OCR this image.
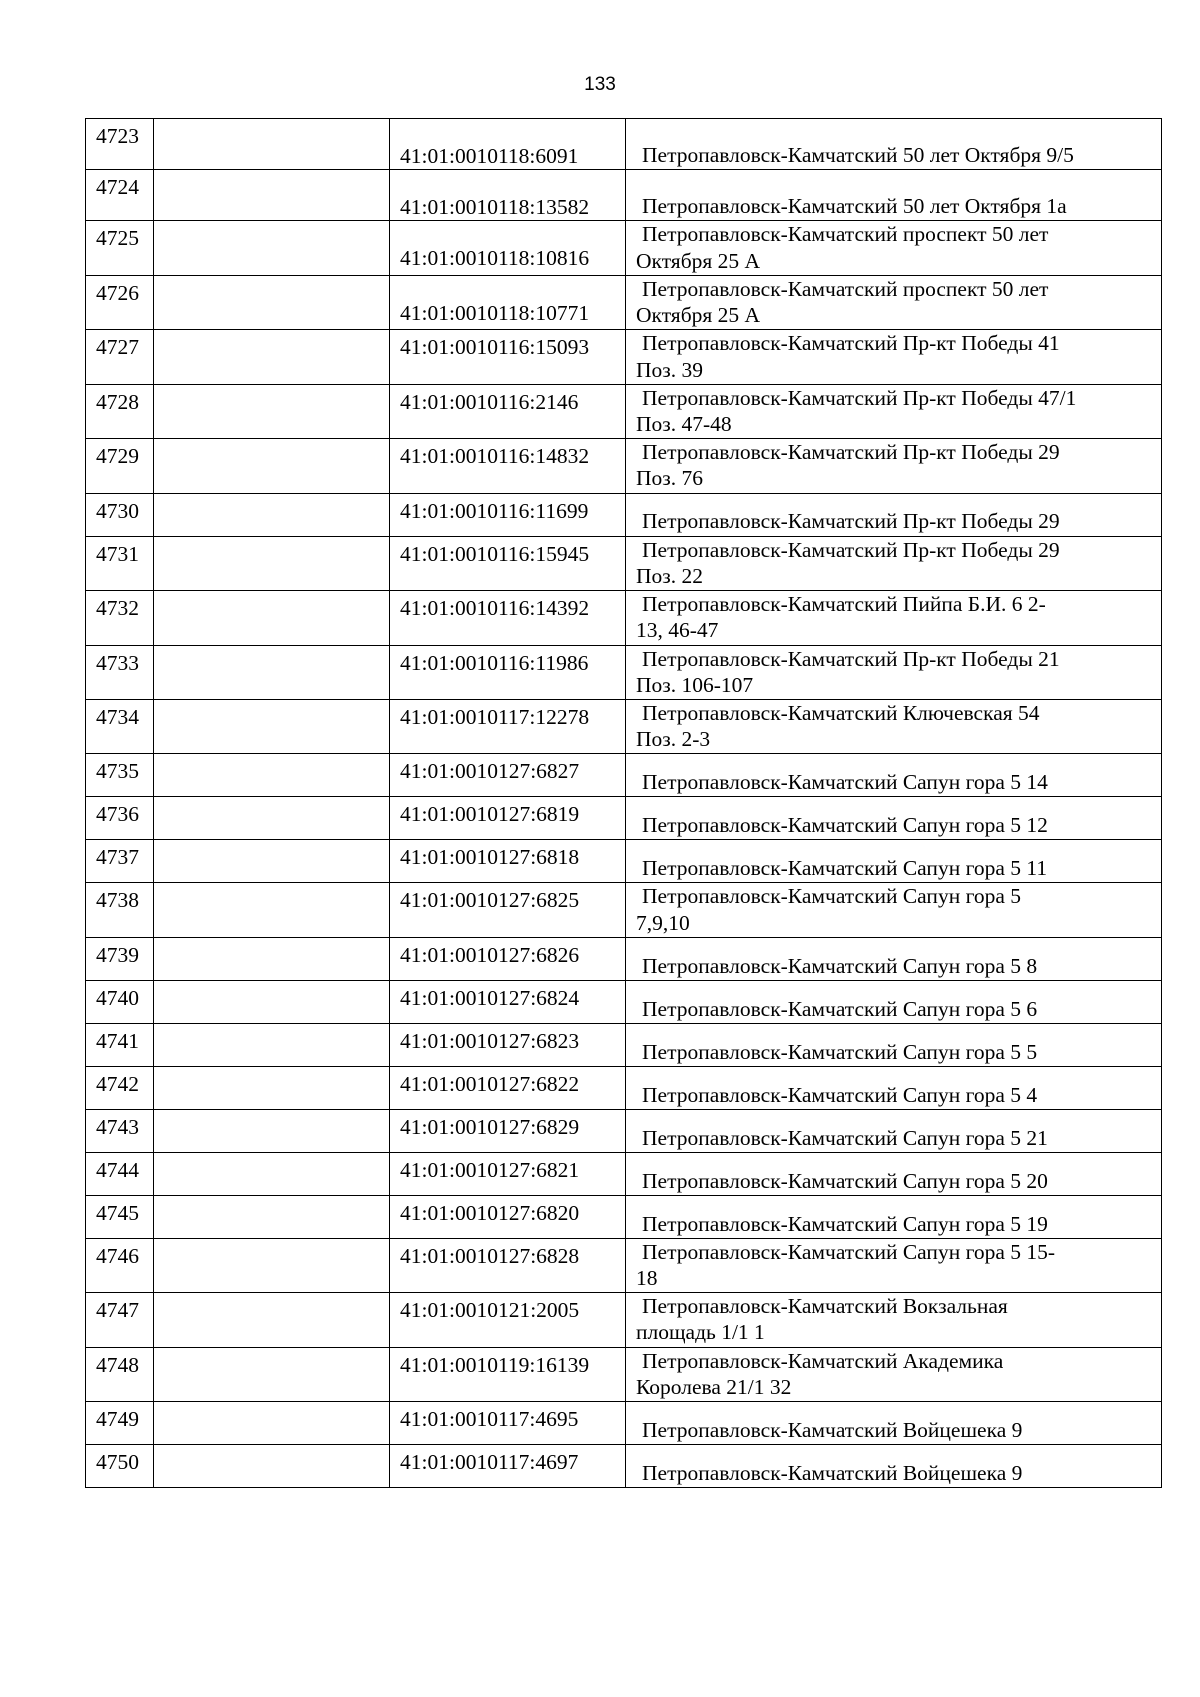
133
4723		41:01:0010118:6091	Петропавловск-Камчатский 50 лет Октября 9/5
4724		41:01:0010118:13582	Петропавловск-Камчатский 50 лет Октября 1а
4725		41:01:0010118:10816	Петропавловск-Камчатский проспект 50 лет
Октября 25 А

4726		41:01:0010118:10771	Петропавловск-Камчатский проспект 50 лет
Октября 25 А

4727		41:01:0010116:15093	Петропавловск-Камчатский Пр-кт Победы 41
Поз. 39

4728		41:01:0010116:2146	Петропавловск-Камчатский Пр-кт Победы 47/1
Поз. 47-48

4729		41:01:0010116:14832	Петропавловск-Камчатский Пр-кт Победы 29
Поз. 76

4730		41:01:0010116:11699	Петропавловск-Камчатский Пр-кт Победы 29
4731		41:01:0010116:15945	Петропавловск-Камчатский Пр-кт Победы 29
Поз. 22

4732		41:01:0010116:14392	Петропавловск-Камчатский Пийпа Б.И. 6 2-
13, 46-47

4733		41:01:0010116:11986	Петропавловск-Камчатский Пр-кт Победы 21
Поз. 106-107

4734		41:01:0010117:12278	Петропавловск-Камчатский Ключевская 54
Поз. 2-3

4735		41:01:0010127:6827	Петропавловск-Камчатский Сапун гора 5 14
4736		41:01:0010127:6819	Петропавловск-Камчатский Сапун гора 5 12
4737		41:01:0010127:6818	Петропавловск-Камчатский Сапун гора 5 11
4738		41:01:0010127:6825	Петропавловск-Камчатский Сапун гора 5
7,9,10

4739		41:01:0010127:6826	Петропавловск-Камчатский Сапун гора 5 8
4740		41:01:0010127:6824	Петропавловск-Камчатский Сапун гора 5 6
4741		41:01:0010127:6823	Петропавловск-Камчатский Сапун гора 5 5
4742		41:01:0010127:6822	Петропавловск-Камчатский Сапун гора 5 4
4743		41:01:0010127:6829	Петропавловск-Камчатский Сапун гора 5 21
4744		41:01:0010127:6821	Петропавловск-Камчатский Сапун гора 5 20
4745		41:01:0010127:6820	Петропавловск-Камчатский Сапун гора 5 19
4746		41:01:0010127:6828	Петропавловск-Камчатский Сапун гора 5 15-
18

4747		41:01:0010121:2005	Петропавловск-Камчатский Вокзальная
площадь 1/1 1

4748		41:01:0010119:16139	Петропавловск-Камчатский Академика
Королева 21/1 32

4749		41:01:0010117:4695	Петропавловск-Камчатский Войцешека 9
4750		41:01:0010117:4697	Петропавловск-Камчатский Войцешека 9
